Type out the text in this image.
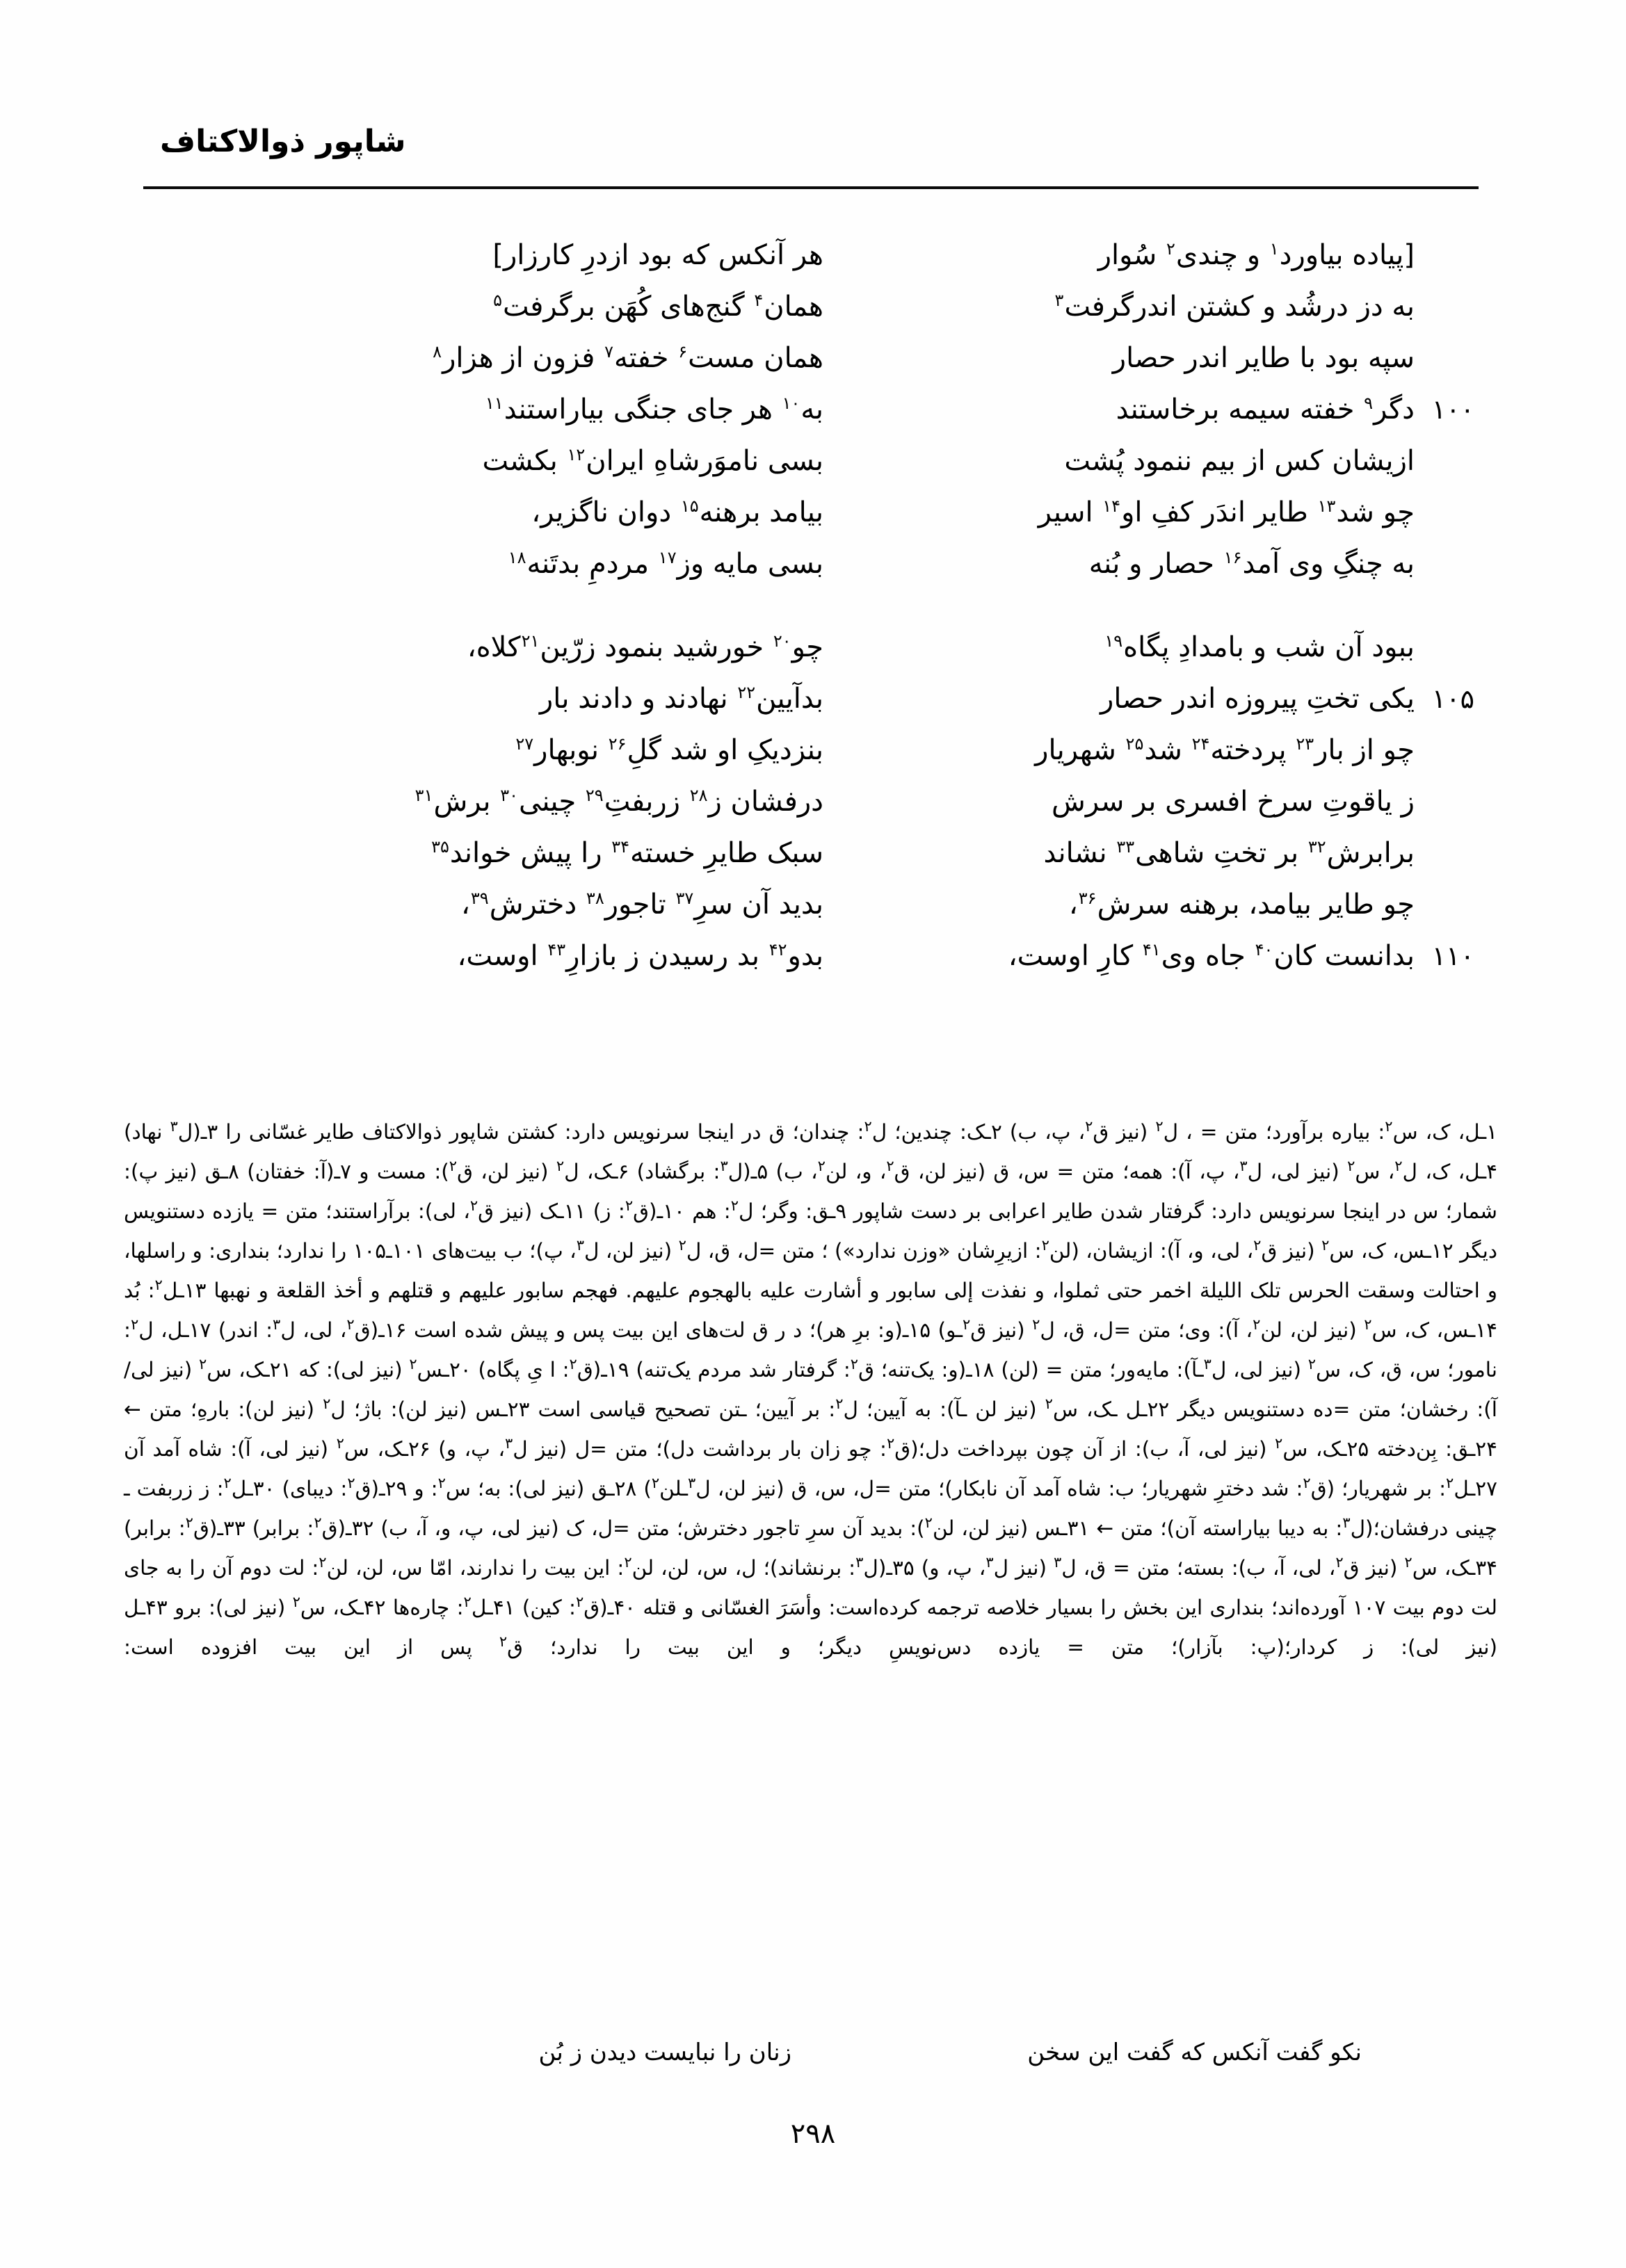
شاپور ذوالاکتاف
[پیاده بیاورد$^۱$ و چندی$^۲$ سُوار
هر آنکس که بود ازدرِ کارزار]
به دز درشُد و کشتن اندرگرفت$^۳$
همان$^۴$ گنج‌های کُهَن برگرفت$^۵$
سپه بود با طایر اندر حصار
همان مست$^۶$ خفته$^۷$ فزون از هزار$^۸$
۱۰۰
دگر$^۹$ خفته سیمه برخاستند
به$^{۱۰}$ هر جای جنگی بیاراستند$^{۱۱}$
ازیشان کس از بیم ننمود پُشت
بسی ناموَرشاهِ ایران$^{۱۲}$ بکشت
چو شد$^{۱۳}$ طایر اندَر کفِ او$^{۱۴}$ اسیر
بیامد برهنه$^{۱۵}$ دوان ناگزیر،
به چنگِ وی آمد$^{۱۶}$ حصار و بُنه
بسی مایه وز$^{۱۷}$ مردمِ بدتَنه$^{۱۸}$
ببود آن شب و بامدادِ پگاه$^{۱۹}$
چو$^{۲۰}$ خورشید بنمود زرّین$^{۲۱}$کلاه،
۱۰۵
یکی تختِ پیروزه اندر حصار
بدآیین$^{۲۲}$ نهادند و دادند بار
چو از بار$^{۲۳}$ پردخته$^{۲۴}$ شد$^{۲۵}$ شهریار
بنزدیکِ او شد گلِ$^{۲۶}$ نوبهار$^{۲۷}$
ز یاقوتِ سرخ افسری بر سرش
درفشان ز$^{۲۸}$ زربفتِ$^{۲۹}$ چینی$^{۳۰}$ برش$^{۳۱}$
برابرش$^{۳۲}$ بر تختِ شاهی$^{۳۳}$ نشاند
سبک طایرِ خسته$^{۳۴}$ را پیش خواند$^{۳۵}$
چو طایر بیامد، برهنه سرش$^{۳۶}$،
بدید آن سرِ$^{۳۷}$ تاجور$^{۳۸}$ دخترش$^{۳۹}$،
۱۱۰
بدانست کان$^{۴۰}$ جاه وی$^{۴۱}$ کارِ اوست،
بدو$^{۴۲}$ بد رسیدن ز بازارِ$^{۴۳}$ اوست،

۱ـل، ک، س$^۲$: بیاره برآورد؛ متن = ، ل$^۲$ (نیز ق$^۲$، پ، ب) ۲ـک: چندین؛ ل$^۲$: چندان؛ ق در اینجا سرنویس دارد: کشتن شاپور ذوالاکتاف طایر غسّانی را ۳ـ(ل$^۳$ نهاد) ۴ـل، ک، ل$^۲$، س$^۲$ (نیز لی، ل$^۳$، پ، آ): همه؛ متن = س، ق (نیز لن، ق$^۲$، و، لن$^۲$، ب) ۵ـ(ل$^۳$: برگشاد) ۶ـک، ل$^۲$ (نیز لن، ق$^۲$): مست و ۷ـ(آ: خفتان) ۸ـق (نیز پ): شمار؛ س در اینجا سرنویس دارد: گرفتار شدن طایر اعرابی بر دست شاپور ۹ـق: وگر؛ ل$^۲$: هم ۱۰ـ(ق$^۲$: ز) ۱۱ـک (نیز ق$^۲$، لی): برآراستند؛ متن = یازده دستنویس دیگر ۱۲ـس، ک، س$^۲$ (نیز ق$^۲$، لی، و، آ): ازیشان، (لن$^۲$: ازیرِشان «وزن ندارد») ؛ متن =ل، ق، ل$^۲$ (نیز لن، ل$^۳$، پ)؛ ب بیت‌های ۱۰۱ـ۱۰۵ را ندارد؛ بنداری: و راسلها، و احتالت وسقت الحرس تلک اللیلة اخمر حتی ثملوا، و نفذت إلی سابور و أشارت علیه بالهجوم علیهم. فهجم سابور علیهم و قتلهم و أخذ القلعة و نهبها ۱۳ـل$^۲$: بُد ۱۴ـس، ک، س$^۲$ (نیز لن، لن$^۲$، آ): وی؛ متن =ل، ق، ل$^۲$ (نیز ق$^۲$ـو) ۱۵ـ(و: برِ هر)؛ د ر ق لت‌های این بیت پس و پیش شده است ۱۶ـ(ق$^۲$، لی، ل$^۳$: اندر) ۱۷ـل، ل$^۲$: نامور؛ س، ق، ک، س$^۲$ (نیز لی، ل$^۳$ـآ): مایه‌ور؛ متن = (لن) ۱۸ـ(و: یک‌تنه؛ ق$^۲$: گرفتار شد مردم یک‌تنه) ۱۹ـ(ق$^۲$: ا یِ پگاه) ۲۰ـس$^۲$ (نیز لی): که ۲۱ـک، س$^۲$ (نیز لی/آ): رخشان؛ متن =ده دستنویس دیگر ۲۲ـل ـک، س$^۲$ (نیز لن ـآ): به آیین؛ ل$^۲$: بر آیین؛ ـتن تصحیح قیاسی است ۲۳ـس (نیز لن): باژ؛ ل$^۲$ (نیز لن): بارهِ؛ متن ← ۲۴ـق: بِن‌دخته ۲۵ـک، س$^۲$ (نیز لی، آ، ب): از آن چون بپرداخت دل؛(ق$^۲$: چو زان بار برداشت دل)؛ متن =ل (نیز ل$^۳$، پ، و) ۲۶ـک، س$^۲$ (نیز لی، آ): شاه آمد آن ۲۷ـل$^۲$: بر شهریار؛ (ق$^۲$: شد دخترِ شهریار؛ ب: شاه آمد آن نابکار)؛ متن =ل، س، ق (نیز لن، ل$^۳$ـلن$^۲$) ۲۸ـق (نیز لی): به؛ س$^۲$: و ۲۹ـ(ق$^۲$: دیبای) ۳۰ـل$^۲$: ز زربفت ـ چینی درفشان؛(ل$^۳$: به دیبا بیاراسته آن)؛ متن ← ۳۱ـس (نیز لن، لن$^۲$): بدید آن سرِ تاجور دخترش؛ متن =ل، ک (نیز لی، پ، و، آ، ب) ۳۲ـ(ق$^۲$: برابر) ۳۳ـ(ق$^۲$: برابر) ۳۴ـک، س$^۲$ (نیز ق$^۲$، لی، آ، ب): بسته؛ متن = ق، ل$^۳$ (نیز ل$^۳$، پ، و) ۳۵ـ(ل$^۳$: برنشاند)؛ ل، س، لن، لن$^۲$: این بیت را ندارند، امّا س، لن، لن$^۲$: لت دوم آن را به جای لت دوم بیت ۱۰۷ آورده‌اند؛ بنداری این بخش را بسیار خلاصه ترجمه کرده‌است: وأسَرَ الغسّانی و قتله ۴۰ـ(ق$^۲$: کین) ۴۱ـل$^۲$: چاره‌ها ۴۲ـک، س$^۲$ (نیز لی): برو ۴۳ـل (نیز لی): ز کردار؛(پ: بآزار)؛ متن = یازده دس‌نویسِ دیگر؛ و این بیت را ندارد؛ ق$^۲$ پس از این بیت افزوده است:

نکو گفت آنکس که گفت این سخن
زنان را نبایست دیدن ز بُن
۲۹۸
